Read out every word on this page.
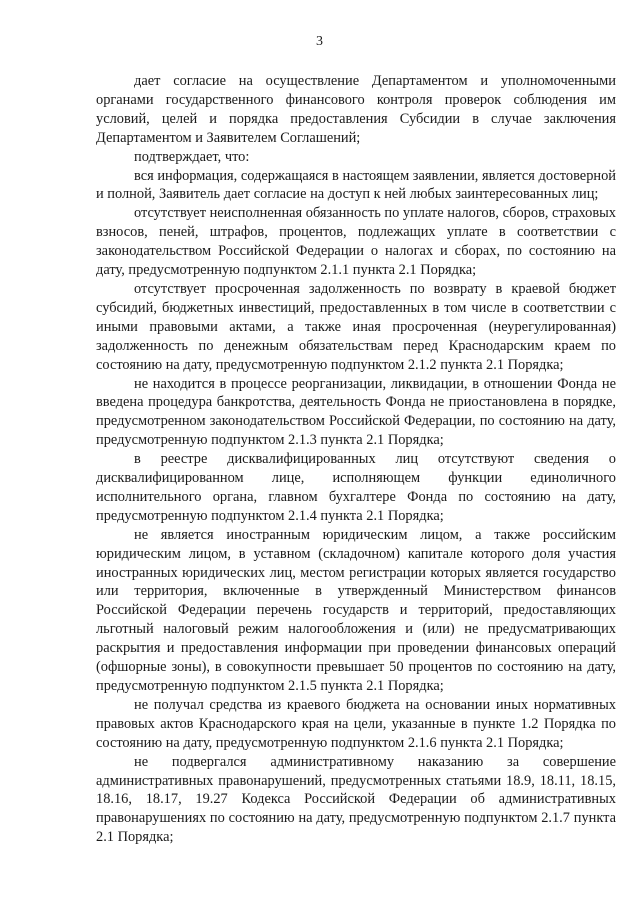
3

дает согласие на осуществление Департаментом и уполномоченными органами государственного финансового контроля проверок соблюдения им условий, целей и порядка предоставления Субсидии в случае заключения Департаментом и Заявителем Соглашений;

подтверждает, что:

вся информация, содержащаяся в настоящем заявлении, является достоверной и полной, Заявитель дает согласие на доступ к ней любых заинтересованных лиц;

отсутствует неисполненная обязанность по уплате налогов, сборов, страховых взносов, пеней, штрафов, процентов, подлежащих уплате в соответствии с законодательством Российской Федерации о налогах и сборах, по состоянию на дату, предусмотренную подпунктом 2.1.1 пункта 2.1 Порядка;

отсутствует просроченная задолженность по возврату в краевой бюджет субсидий, бюджетных инвестиций, предоставленных в том числе в соответствии с иными правовыми актами, а также иная просроченная (неурегулированная) задолженность по денежным обязательствам перед Краснодарским краем по состоянию на дату, предусмотренную подпунктом 2.1.2 пункта 2.1 Порядка;

не находится в процессе реорганизации, ликвидации, в отношении Фонда не введена процедура банкротства, деятельность Фонда не приостановлена в порядке, предусмотренном законодательством Российской Федерации, по состоянию на дату, предусмотренную подпунктом 2.1.3 пункта 2.1 Порядка;

в реестре дисквалифицированных лиц отсутствуют сведения о дисквалифицированном лице, исполняющем функции единоличного исполнительного органа, главном бухгалтере Фонда по состоянию на дату, предусмотренную подпунктом 2.1.4 пункта 2.1 Порядка;

не является иностранным юридическим лицом, а также российским юридическим лицом, в уставном (складочном) капитале которого доля участия иностранных юридических лиц, местом регистрации которых является государство или территория, включенные в утвержденный Министерством финансов Российской Федерации перечень государств и территорий, предоставляющих льготный налоговый режим налогообложения и (или) не предусматривающих раскрытия и предоставления информации при проведении финансовых операций (офшорные зоны), в совокупности превышает 50 процентов по состоянию на дату, предусмотренную подпунктом 2.1.5 пункта 2.1 Порядка;

не получал средства из краевого бюджета на основании иных нормативных правовых актов Краснодарского края на цели, указанные в пункте 1.2 Порядка по состоянию на дату, предусмотренную подпунктом 2.1.6 пункта 2.1 Порядка;

не подвергался административному наказанию за совершение административных правонарушений, предусмотренных статьями 18.9, 18.11, 18.15, 18.16, 18.17, 19.27 Кодекса Российской Федерации об административных правонарушениях по состоянию на дату, предусмотренную подпунктом 2.1.7 пункта 2.1 Порядка;
